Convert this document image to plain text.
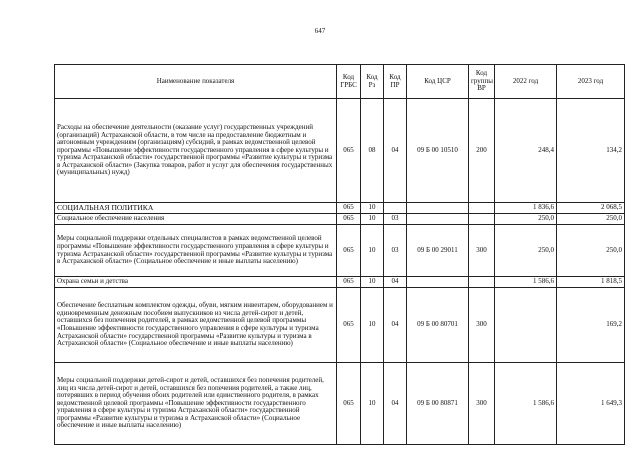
647
Наименование показателя	Код ГРБС	Код Рз	Код ПР	Код ЦСР	Код группы ВР	2022 год	2023 год
Расходы на обеспечение деятельности (оказание услуг) государственных учреждений (организаций) Астраханской области, в том числе на предоставление бюджетным и автономным учреждениям (организациям) субсидий, в рамках ведомственной целевой программы «Повышение эффективности государственного управления в сфере культуры и туризма Астраханской области» государственной программы «Развитие культуры и туризма в Астраханской области» (Закупка товаров, работ и услуг для обеспечения государственных (муниципальных) нужд)	065	08	04	09 Б 00 10510	200	248,4	134,2
СОЦИАЛЬНАЯ ПОЛИТИКА	065	10				1 836,6	2 068,5
Социальное обеспечение населения	065	10	03			250,0	250,0
Меры социальной поддержки отдельных специалистов в рамках ведомственной целевой программы «Повышение эффективности государственного управления в сфере культуры и туризма Астраханской области» государственной программы «Развитие культуры и туризма в Астраханской области» (Социальное обеспечение и иные выплаты населению)	065	10	03	09 Б 00 29011	300	250,0	250,0
Охрана семьи и детства	065	10	04			1 586,6	1 818,5
Обеспечение бесплатным комплектом одежды, обуви, мягким инвентарем, оборудованием и единовременным денежным пособием выпускников из числа детей-сирот и детей, оставшихся без попечения родителей, в рамках ведомственной целевой программы «Повышение эффективности государственного управления в сфере культуры и туризма Астраханской области» государственной программы «Развитие культуры и туризма в Астраханской области» (Социальное обеспечение и иные выплаты населению)	065	10	04	09 Б 00 80701	300		169,2
Меры социальной поддержки детей-сирот и детей, оставшихся без попечения родителей, лиц из числа детей-сирот и детей, оставшихся без попечения родителей, а также лиц, потерявших в период обучения обоих родителей или единственного родителя, в рамках ведомственной целевой программы «Повышение эффективности государственного управления в сфере культуры и туризма Астраханской области» государственной программы «Развитие культуры и туризма в Астраханской области» (Социальное обеспечение и иные выплаты населению)	065	10	04	09 Б 00 80871	300	1 586,6	1 649,3
